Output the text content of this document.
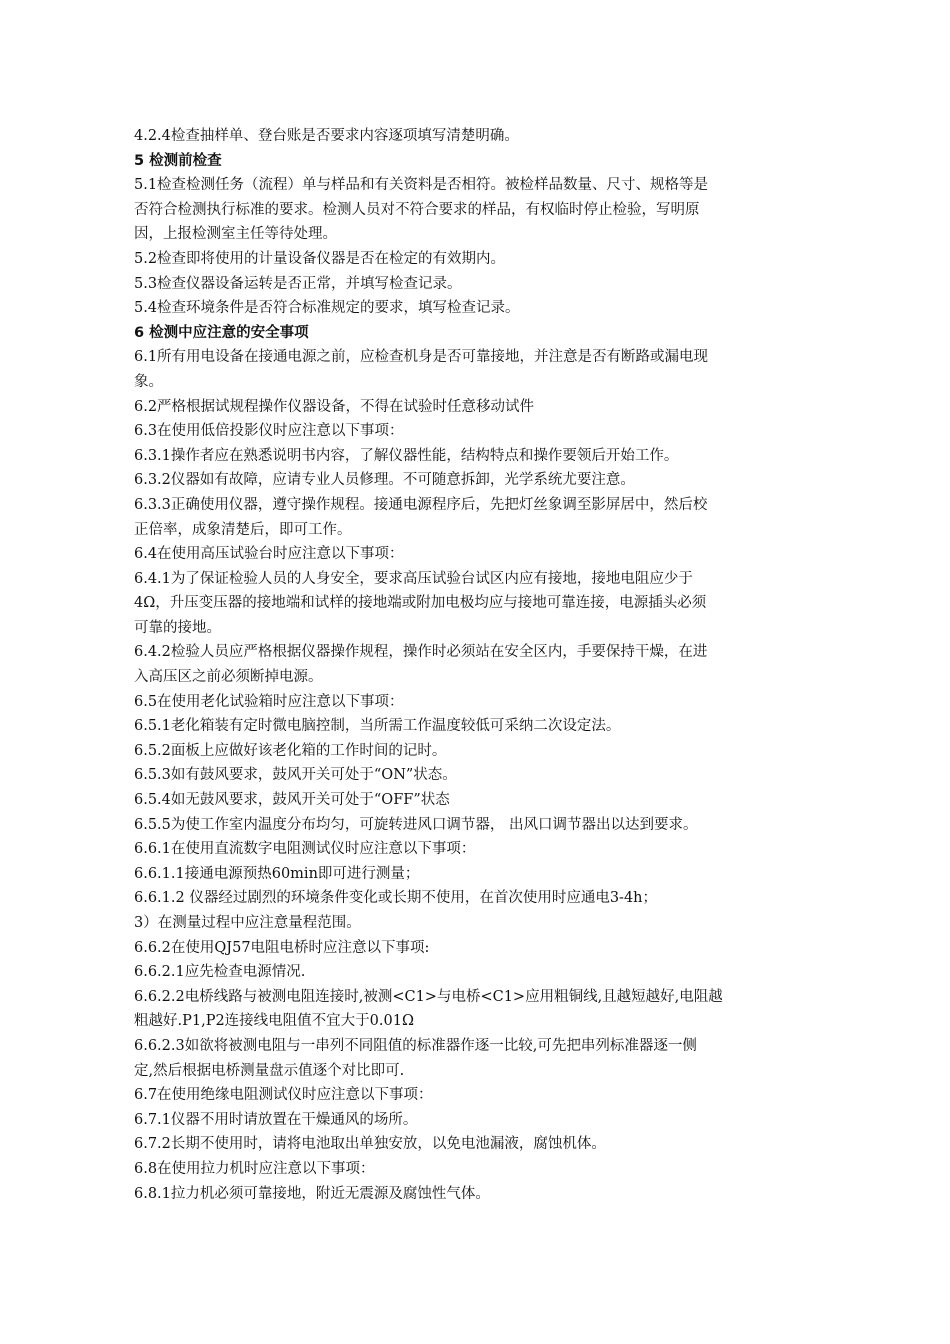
4.2.4检查抽样单、登台账是否要求内容逐项填写清楚明确。
5 检测前检查
5.1检查检测任务（流程）单与样品和有关资料是否相符。被检样品数量、尺寸、规格等是
否符合检测执行标准的要求。检测人员对不符合要求的样品，有权临时停止检验，写明原
因，上报检测室主任等待处理。
5.2检查即将使用的计量设备仪器是否在检定的有效期内。
5.3检查仪器设备运转是否正常，并填写检查记录。
5.4检查环境条件是否符合标准规定的要求，填写检查记录。
6 检测中应注意的安全事项
6.1所有用电设备在接通电源之前，应检查机身是否可靠接地，并注意是否有断路或漏电现
象。
6.2严格根据试规程操作仪器设备，不得在试验时任意移动试件
6.3在使用低倍投影仪时应注意以下事项：
6.3.1操作者应在熟悉说明书内容，了解仪器性能，结构特点和操作要领后开始工作。
6.3.2仪器如有故障，应请专业人员修理。不可随意拆卸，光学系统尤要注意。
6.3.3正确使用仪器，遵守操作规程。接通电源程序后，先把灯丝象调至影屏居中，然后校
正倍率，成象清楚后，即可工作。
6.4在使用高压试验台时应注意以下事项：
6.4.1为了保证检验人员的人身安全，要求高压试验台试区内应有接地，接地电阻应少于
4Ω，升压变压器的接地端和试样的接地端或附加电极均应与接地可靠连接，电源插头必须
可靠的接地。
6.4.2检验人员应严格根据仪器操作规程，操作时必须站在安全区内，手要保持干燥，在进
入高压区之前必须断掉电源。
6.5在使用老化试验箱时应注意以下事项：
6.5.1老化箱装有定时微电脑控制，当所需工作温度较低可采纳二次设定法。
6.5.2面板上应做好该老化箱的工作时间的记时。
6.5.3如有鼓风要求，鼓风开关可处于“ON”状态。
6.5.4如无鼓风要求，鼓风开关可处于“OFF”状态
6.5.5为使工作室内温度分布均匀，可旋转进风口调节器， 出风口调节器出以达到要求。
6.6.1在使用直流数字电阻测试仪时应注意以下事项：
6.6.1.1接通电源预热60min即可进行测量；
6.6.1.2 仪器经过剧烈的环境条件变化或长期不使用，在首次使用时应通电3-4h；
3）在测量过程中应注意量程范围。
6.6.2在使用QJ57电阻电桥时应注意以下事项:
6.6.2.1应先检查电源情况.
6.6.2.2电桥线路与被测电阻连接时,被测<C1>与电桥<C1>应用粗铜线,且越短越好,电阻越
粗越好.P1,P2连接线电阻值不宜大于0.01Ω
6.6.2.3如欲将被测电阻与一串列不同阻值的标准器作逐一比较,可先把串列标准器逐一侧
定,然后根据电桥测量盘示值逐个对比即可.
6.7在使用绝缘电阻测试仪时应注意以下事项：
6.7.1仪器不用时请放置在干燥通风的场所。
6.7.2长期不使用时，请将电池取出单独安放，以免电池漏液，腐蚀机体。
6.8在使用拉力机时应注意以下事项：
6.8.1拉力机必须可靠接地，附近无震源及腐蚀性气体。
